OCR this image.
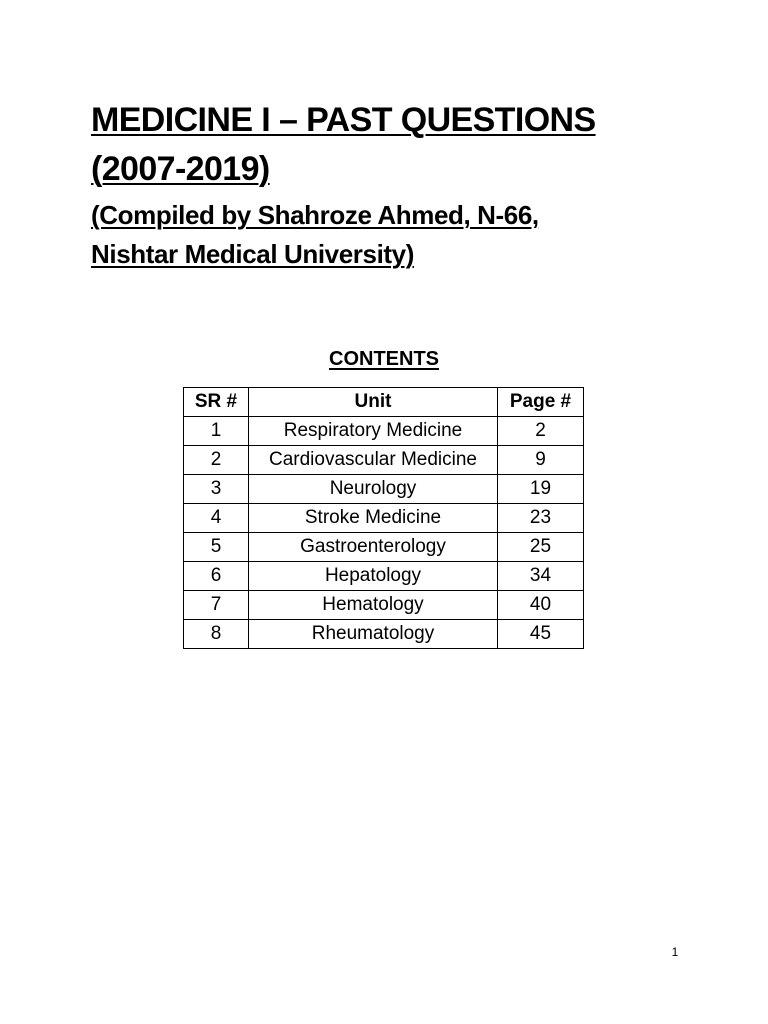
MEDICINE I – PAST QUESTIONS
(2007-2019)
(Compiled by Shahroze Ahmed, N-66,
Nishtar Medical University)
CONTENTS
SR #	Unit	Page #
1	Respiratory Medicine	2
2	Cardiovascular Medicine	9
3	Neurology	19
4	Stroke Medicine	23
5	Gastroenterology	25
6	Hepatology	34
7	Hematology	40
8	Rheumatology	45
1
